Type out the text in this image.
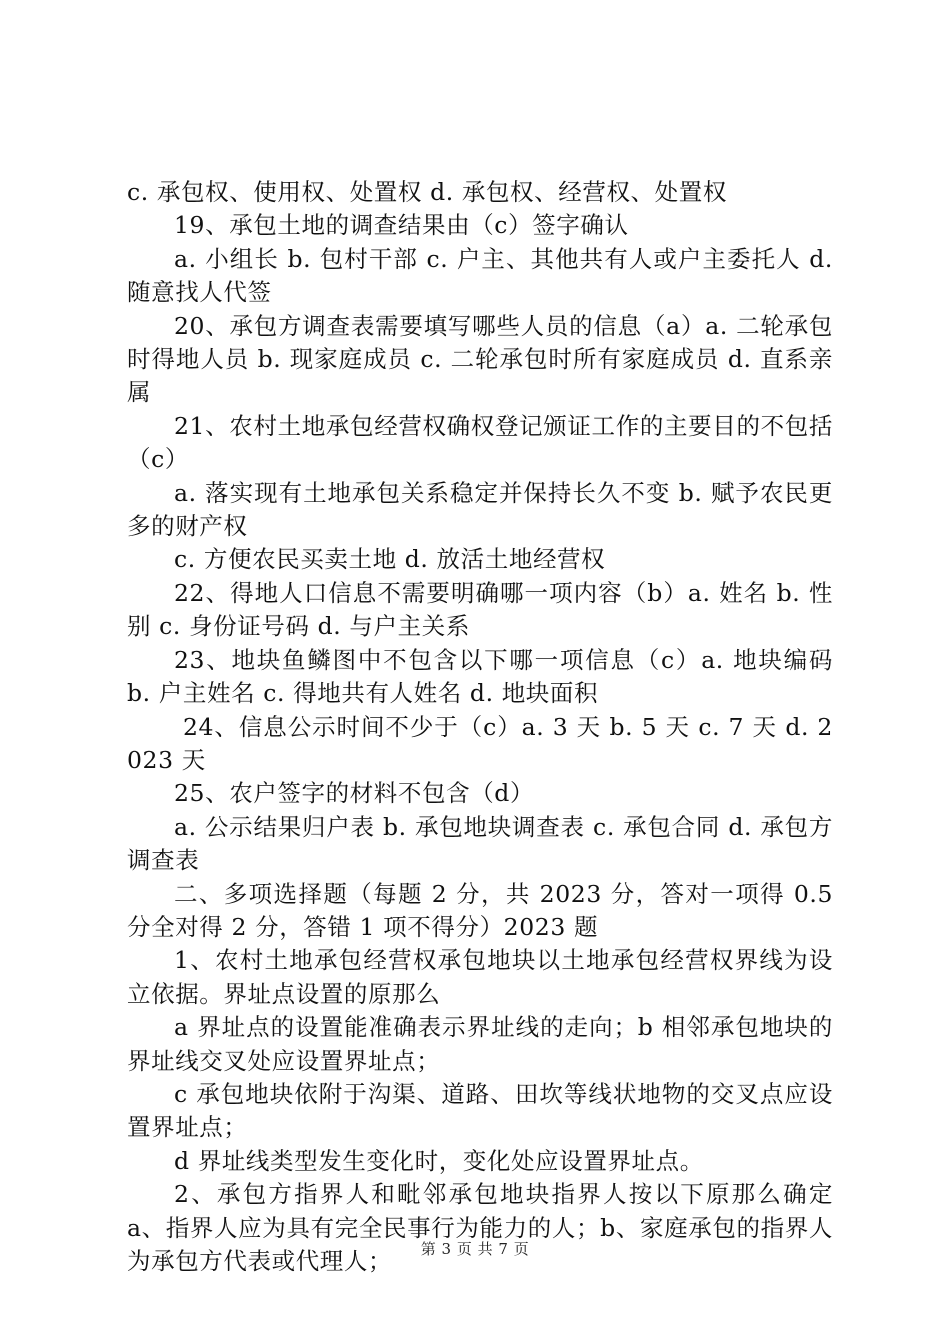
c. 承包权、使用权、处置权 d. 承包权、经营权、处置权

19、承包土地的调查结果由（c）签字确认

a. 小组长 b. 包村干部 c. 户主、其他共有人或户主委托人 d. 随意找人代签

20、承包方调查表需要填写哪些人员的信息（a）a. 二轮承包时得地人员 b. 现家庭成员 c. 二轮承包时所有家庭成员 d. 直系亲属

21、农村土地承包经营权确权登记颁证工作的主要目的不包括（c）

a. 落实现有土地承包关系稳定并保持长久不变 b. 赋予农民更多的财产权

c. 方便农民买卖土地 d. 放活土地经营权

22、得地人口信息不需要明确哪一项内容（b）a. 姓名 b. 性别 c. 身份证号码 d. 与户主关系

23、地块鱼鳞图中不包含以下哪一项信息（c）a. 地块编码 b. 户主姓名 c. 得地共有人姓名 d. 地块面积

24、信息公示时间不少于（c）a. 3 天 b. 5 天 c. 7 天 d. 2023 天

25、农户签字的材料不包含（d）

a. 公示结果归户表 b. 承包地块调查表 c. 承包合同 d. 承包方调查表

二、多项选择题（每题 2 分，共 2023 分，答对一项得 0.5 分全对得 2 分，答错 1 项不得分）2023 题

1、农村土地承包经营权承包地块以土地承包经营权界线为设立依据。界址点设置的原那么

a 界址点的设置能准确表示界址线的走向；b 相邻承包地块的界址线交叉处应设置界址点；

c 承包地块依附于沟渠、道路、田坎等线状地物的交叉点应设置界址点；

d 界址线类型发生变化时，变化处应设置界址点。

2、承包方指界人和毗邻承包地块指界人按以下原那么确定 a、指界人应为具有完全民事行为能力的人；b、家庭承包的指界人为承包方代表或代理人；	第 3 页 共 7 页
